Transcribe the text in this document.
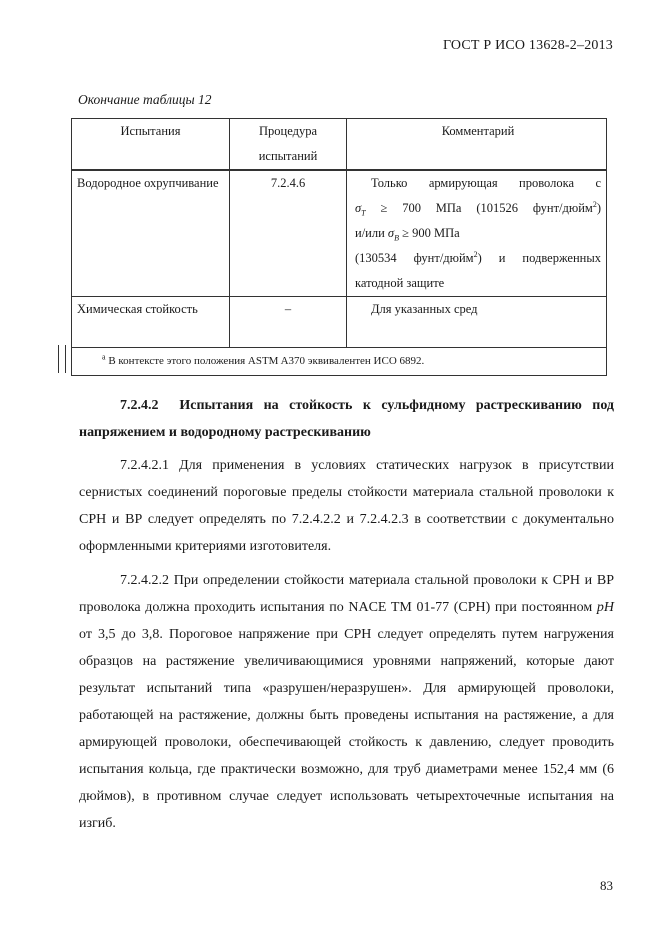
ГОСТ Р ИСО 13628-2–2013
Окончание таблицы 12
Испытания	Процедура испытаний	Комментарий
Водородное охрупчивание	7.2.4.6	Только армирующая проволока с
$\sigma_T \ge 700$ МПа (101526 фунт/дюйм$^2$)
и/или $\sigma_B \ge 900$ МПа
(130534 фунт/дюйм$^2$) и подверженных
катодной защите

Химическая стойкость	–	Для указанных сред
$^a$ В контексте этого положения ASTM A370 эквивалентен ИСО 6892.		

7.2.4.2 Испытания на стойкость к сульфидному растрескиванию под напряжением и водородному растрескиванию

7.2.4.2.1 Для применения в условиях статических нагрузок в присутствии сернистых соединений пороговые пределы стойкости материала стальной проволоки к СРН и ВР следует определять по 7.2.4.2.2 и 7.2.4.2.3 в соответствии с документально оформленными критериями изготовителя.

7.2.4.2.2 При определении стойкости материала стальной проволоки к СРН и ВР проволока должна проходить испытания по NACE TM 01-77 (СРН) при постоянном pH от 3,5 до 3,8. Пороговое напряжение при СРН следует определять путем нагружения образцов на растяжение увеличивающимися уровнями напряжений, которые дают результат испытаний типа «разрушен/неразрушен». Для армирующей проволоки, работающей на растяжение, должны быть проведены испытания на растяжение, а для армирующей проволоки, обеспечивающей стойкость к давлению, следует проводить испытания кольца, где практически возможно, для труб диаметрами менее 152,4 мм (6 дюймов), в противном случае следует использовать четырехточечные испытания на изгиб.

83
